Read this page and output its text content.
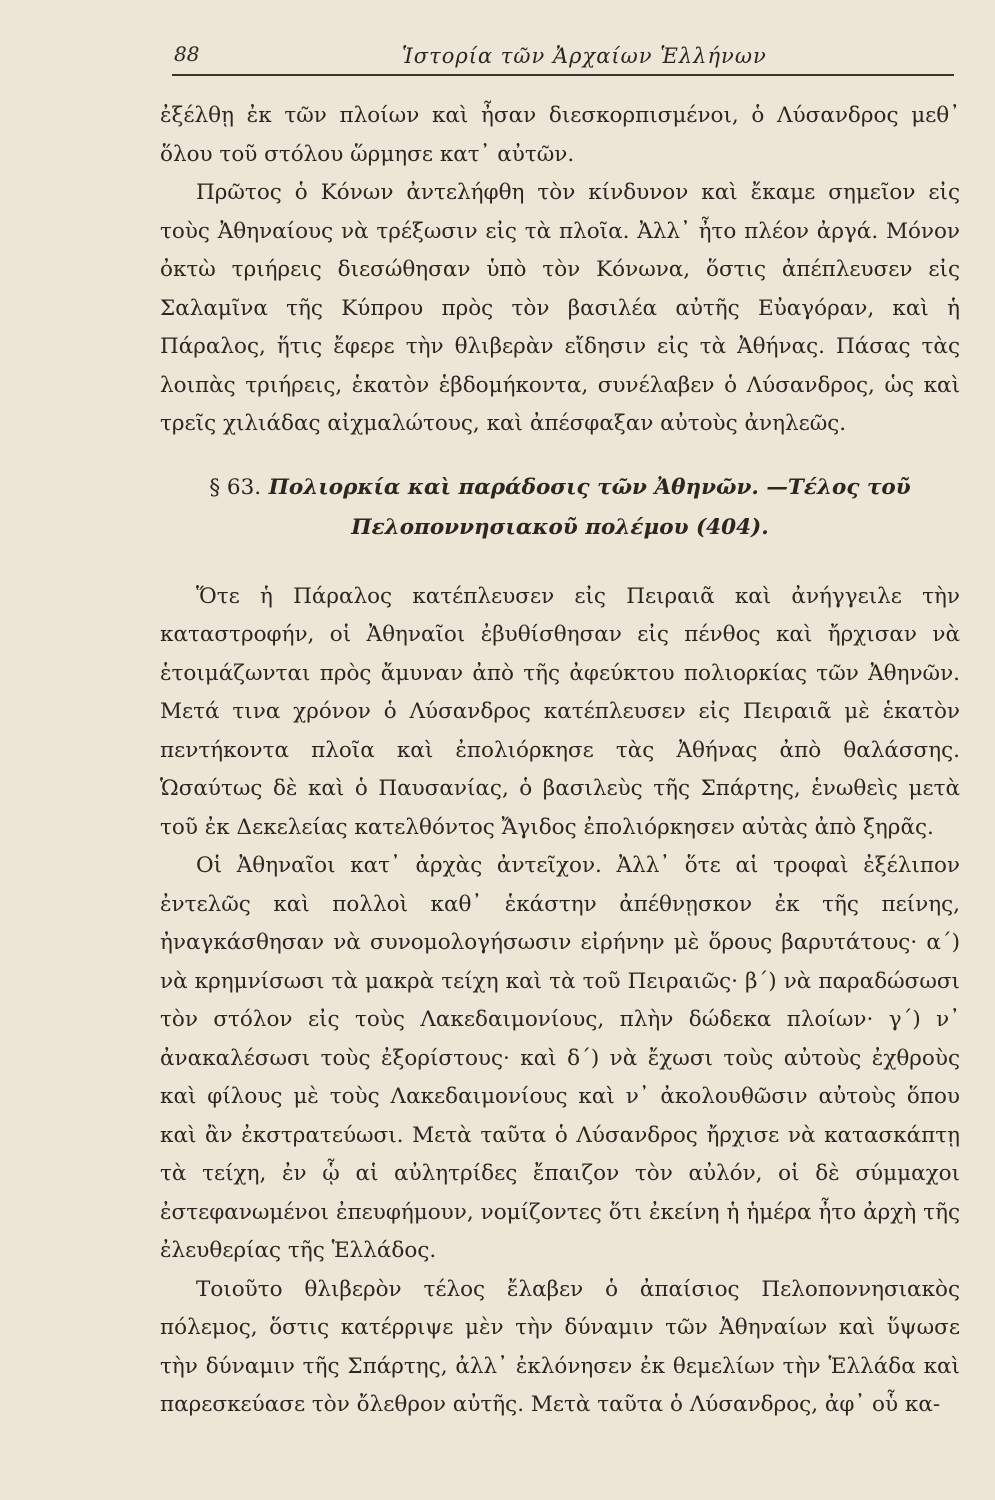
88	Ἱστορία τῶν Ἀρχαίων Ἑλλήνων

ἐξέλθῃ ἐκ τῶν πλοίων καὶ ἦσαν διεσκορπισμένοι, ὁ Λύσανδρος μεθ᾿ ὅλου τοῦ στόλου ὥρμησε κατ᾿ αὐτῶν.

Πρῶτος ὁ Κόνων ἀντελήφθη τὸν κίνδυνον καὶ ἔκαμε σημεῖον εἰς τοὺς Ἀθηναίους νὰ τρέξωσιν εἰς τὰ πλοῖα. Ἀλλ᾿ ἦτο πλέον ἀργά. Μόνον ὀκτὼ τριήρεις διεσώθησαν ὑπὸ τὸν Κόνωνα, ὅστις ἀπέπλευσεν εἰς Σαλαμῖνα τῆς Κύπρου πρὸς τὸν βασιλέα αὐτῆς Εὐαγόραν, καὶ ἡ Πάραλος, ἥτις ἔφερε τὴν θλιβερὰν εἴδησιν εἰς τὰ Ἀθήνας. Πάσας τὰς λοιπὰς τριήρεις, ἑκατὸν ἑβδομήκοντα, συνέλαβεν ὁ Λύσανδρος, ὡς καὶ τρεῖς χιλιάδας αἰχμαλώτους, καὶ ἀπέσφαξαν αὐτοὺς ἀνηλεῶς.

§ 63. Πολιορκία καὶ παράδοσις τῶν Ἀθηνῶν. —Τέλος τοῦ
Πελοποννησιακοῦ πολέμου (404).

Ὅτε ἡ Πάραλος κατέπλευσεν εἰς Πειραιᾶ καὶ ἀνήγγειλε τὴν καταστροφήν, οἱ Ἀθηναῖοι ἐβυθίσθησαν εἰς πένθος καὶ ἤρχισαν νὰ ἑτοιμάζωνται πρὸς ἄμυναν ἀπὸ τῆς ἀφεύκτου πολιορκίας τῶν Ἀθηνῶν. Μετά τινα χρόνον ὁ Λύσανδρος κατέπλευσεν εἰς Πειραιᾶ μὲ ἑκατὸν πεντήκοντα πλοῖα καὶ ἐπολιόρκησε τὰς Ἀθήνας ἀπὸ θαλάσσης. Ὡσαύτως δὲ καὶ ὁ Παυσανίας, ὁ βασιλεὺς τῆς Σπάρτης, ἑνωθεὶς μετὰ τοῦ ἐκ Δεκελείας κατελθόντος Ἄγιδος ἐπολιόρκησεν αὐτὰς ἀπὸ ξηρᾶς.

Οἱ Ἀθηναῖοι κατ᾿ ἀρχὰς ἀντεῖχον. Ἀλλ᾿ ὅτε αἱ τροφαὶ ἐξέλιπον ἐντελῶς καὶ πολλοὶ καθ᾿ ἑκάστην ἀπέθνῃσκον ἐκ τῆς πείνης, ἠναγκάσθησαν νὰ συνομολογήσωσιν εἰρήνην μὲ ὅρους βαρυτάτους· α΄) νὰ κρημνίσωσι τὰ μακρὰ τείχη καὶ τὰ τοῦ Πειραιῶς· β΄) νὰ παραδώσωσι τὸν στόλον εἰς τοὺς Λακεδαιμονίους, πλὴν δώδεκα πλοίων· γ΄) ν᾿ ἀνακαλέσωσι τοὺς ἐξορίστους· καὶ δ΄) νὰ ἔχωσι τοὺς αὐτοὺς ἐχθροὺς καὶ φίλους μὲ τοὺς Λακεδαιμονίους καὶ ν᾿ ἀκολουθῶσιν αὐτοὺς ὅπου καὶ ἂν ἐκστρατεύωσι. Μετὰ ταῦτα ὁ Λύσανδρος ἤρχισε νὰ κατασκάπτῃ τὰ τείχη, ἐν ᾧ αἱ αὐλητρίδες ἔπαιζον τὸν αὐλόν, οἱ δὲ σύμμαχοι ἐστεφανωμένοι ἐπευφήμουν, νομίζοντες ὅτι ἐκείνη ἡ ἡμέρα ἦτο ἀρχὴ τῆς ἐλευθερίας τῆς Ἑλλάδος.

Τοιοῦτο θλιβερὸν τέλος ἔλαβεν ὁ ἀπαίσιος Πελοποννησιακὸς πόλεμος, ὅστις κατέρριψε μὲν τὴν δύναμιν τῶν Ἀθηναίων καὶ ὕψωσε τὴν δύναμιν τῆς Σπάρτης, ἀλλ᾿ ἐκλόνησεν ἐκ θεμελίων τὴν Ἑλλάδα καὶ παρεσκεύασε τὸν ὄλεθρον αὐτῆς. Μετὰ ταῦτα ὁ Λύσανδρος, ἀφ᾿ οὗ κα-
